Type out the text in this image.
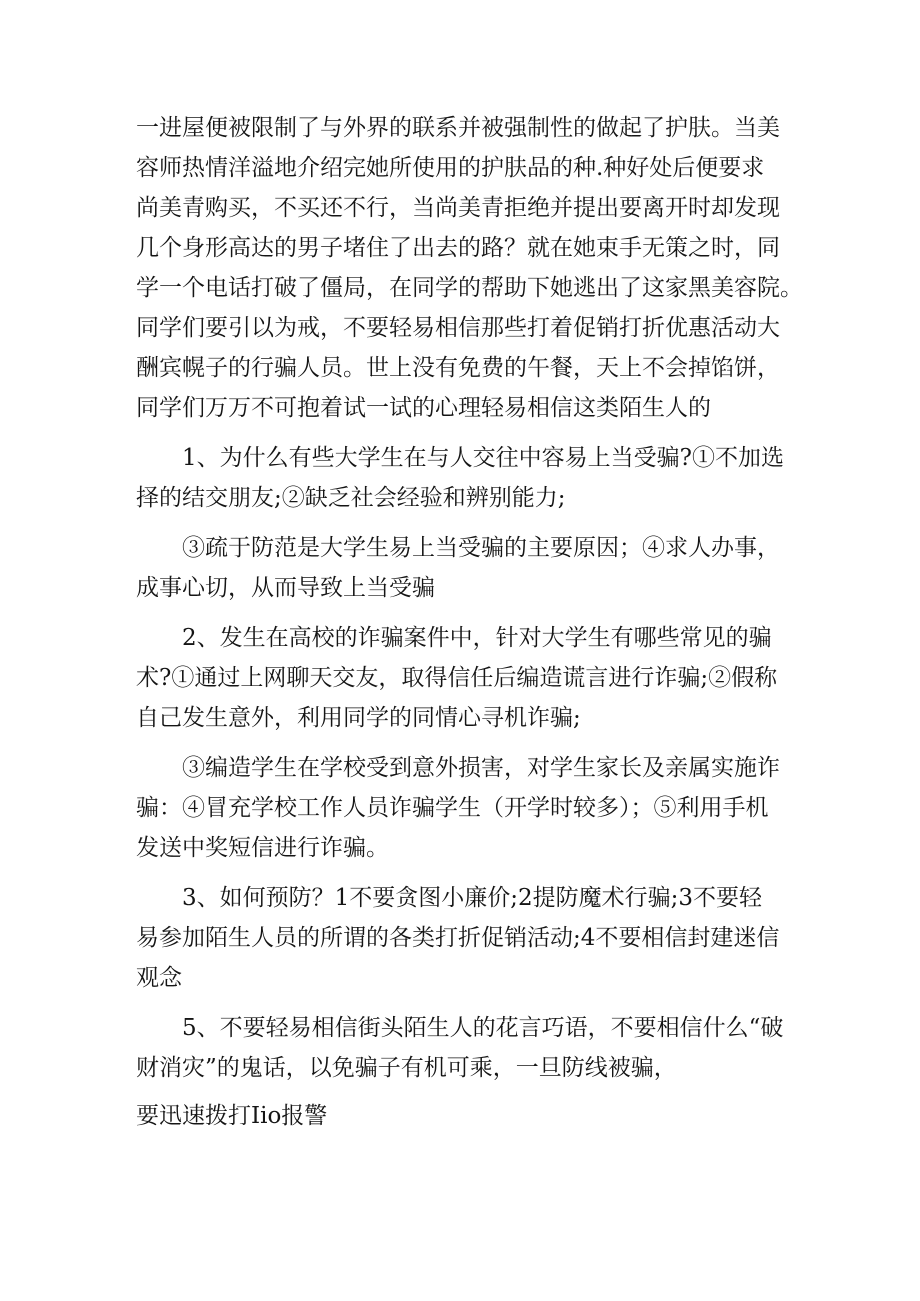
一进屋便被限制了与外界的联系并被强制性的做起了护肤。当美
容师热情洋溢地介绍完她所使用的护肤品的种.种好处后便要求
尚美青购买，不买还不行，当尚美青拒绝并提出要离开时却发现
几个身形高达的男子堵住了出去的路？就在她束手无策之时，同
学一个电话打破了僵局，在同学的帮助下她逃出了这家黑美容院。
同学们要引以为戒，不要轻易相信那些打着促销打折优惠活动大
酬宾幌子的行骗人员。世上没有免费的午餐，天上不会掉馅饼，
同学们万万不可抱着试一试的心理轻易相信这类陌生人的
1、为什么有些大学生在与人交往中容易上当受骗?①不加选
择的结交朋友;②缺乏社会经验和辨别能力;
③疏于防范是大学生易上当受骗的主要原因；④求人办事，
成事心切，从而导致上当受骗
2、发生在高校的诈骗案件中，针对大学生有哪些常见的骗
术?①通过上网聊天交友，取得信任后编造谎言进行诈骗;②假称
自己发生意外，利用同学的同情心寻机诈骗;
③编造学生在学校受到意外损害，对学生家长及亲属实施诈
骗：④冒充学校工作人员诈骗学生（开学时较多）；⑤利用手机
发送中奖短信进行诈骗。
3、如何预防？1不要贪图小廉价;2提防魔术行骗;3不要轻
易参加陌生人员的所谓的各类打折促销活动;4不要相信封建迷信
观念
5、不要轻易相信街头陌生人的花言巧语，不要相信什么“破
财消灾”的鬼话，以免骗子有机可乘，一旦防线被骗，
要迅速拨打Iio报警
